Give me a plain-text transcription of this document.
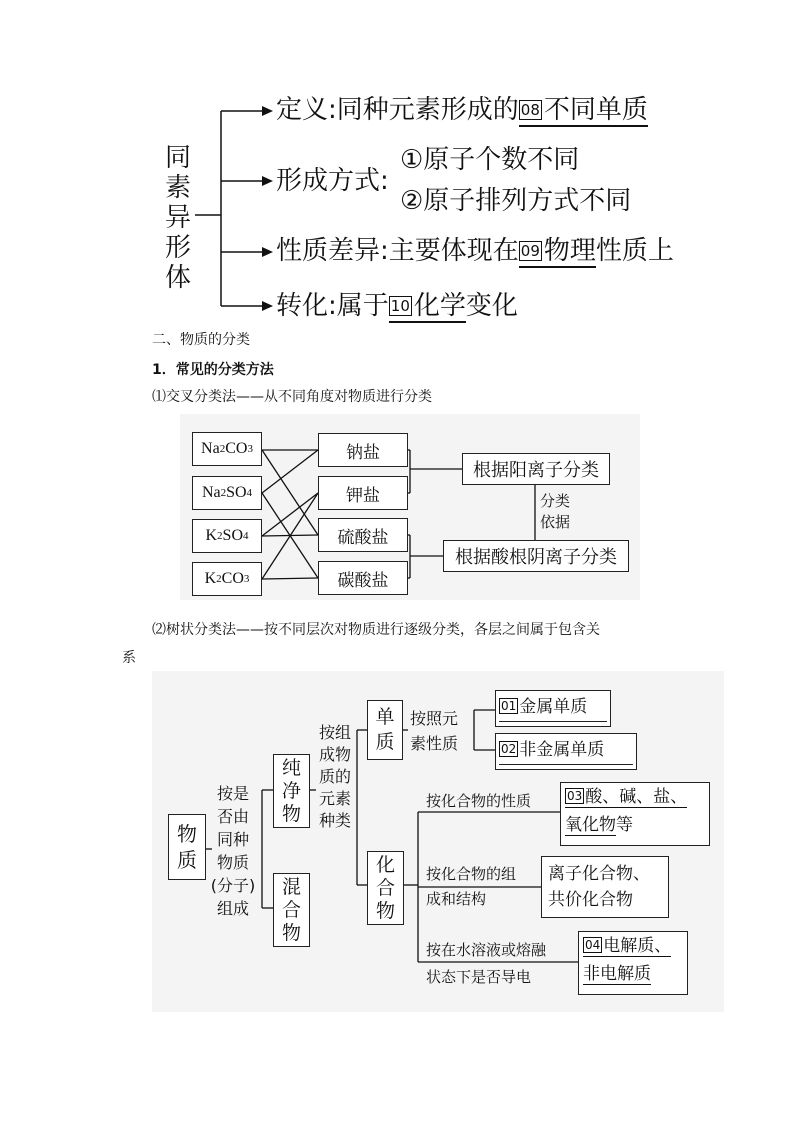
同
素
异
形
体
定义:同种元素形成的 08 不同单质
形成方式:
①原子个数不同
②原子排列方式不同
性质差异:主要体现在 09 物理性质上
转化:属于 10 化学变化
二、物质的分类
1．常见的分类方法
⑴交叉分类法——从不同角度对物质进行分类
Na 2 CO 3
Na 2 SO 4
K 2 SO 4
K 2 CO 3
钠盐
钾盐
硫酸盐
碳酸盐
根据阳离子分类
根据酸根阴离子分类
分类
依据
⑵树状分类法——按不同层次对物质进行逐级分类，各层之间属于包含关
系
物
质
按是
否由
同种
物质
(分子)
组成
纯
净
物
混
合
物
按组
成物
质的
元素
种类
单
质
化
合
物
按照元
素性质
01 金属单质
02 非金属单质
按化合物的性质	03 酸、碱、盐、
氧化物等
按化合物的组
成和结构
离子化合物、
共价化合物
按在水溶液或熔融
状态下是否导电
04 电解质、
非电解质
